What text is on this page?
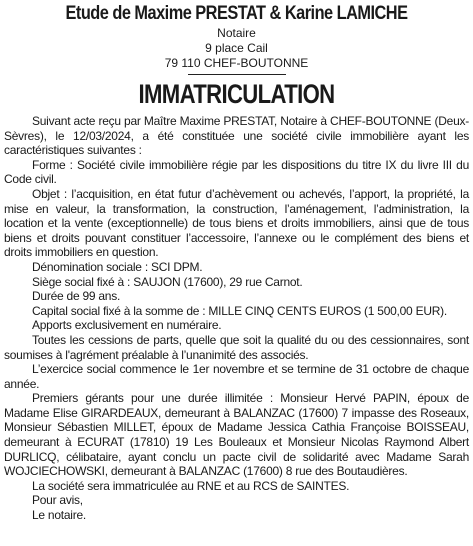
Etude de Maxime PRESTAT & Karine LAMICHE

Notaire

9 place Cail

79 110 CHEF-BOUTONNE

IMMATRICULATION

Suivant acte reçu par Maître Maxime PRESTAT, Notaire à CHEF-BOUTONNE (Deux-Sèvres), le 12/03/2024, a été constituée une société civile immobilière ayant les caractéristiques suivantes :

Forme : Société civile immobilière régie par les dispositions du titre IX du livre III du Code civil.

Objet : l’acquisition, en état futur d’achèvement ou achevés, l’apport, la propriété, la mise en valeur, la transformation, la construction, l’aménagement, l’administration, la location et la vente (exceptionnelle) de tous biens et droits immobiliers, ainsi que de tous biens et droits pouvant constituer l’accessoire, l’annexe ou le complément des biens et droits immobiliers en question.

Dénomination sociale : SCI DPM.

Siège social fixé à : SAUJON (17600), 29 rue Carnot.

Durée de 99 ans.

Capital social fixé à la somme de : MILLE CINQ CENTS EUROS (1 500,00 EUR).

Apports exclusivement en numéraire.

Toutes les cessions de parts, quelle que soit la qualité du ou des cessionnaires, sont soumises à l'agrément préalable à l’unanimité des associés.

L’exercice social commence le 1er novembre et se termine de 31 octobre de chaque année.

Premiers gérants pour une durée illimitée : Monsieur Hervé PAPIN, époux de Madame Elise GIRARDEAUX, demeurant à BALANZAC (17600) 7 impasse des Roseaux, Monsieur Sébastien MILLET, époux de Madame Jessica Cathia Françoise BOISSEAU, demeurant à ECURAT (17810) 19 Les Bouleaux et Monsieur Nicolas Raymond Albert DURLICQ, célibataire, ayant conclu un pacte civil de solidarité avec Madame Sarah WOJCIECHOWSKI, demeurant à BALANZAC (17600) 8 rue des Boutaudières.

La société sera immatriculée au RNE et au RCS de SAINTES.

Pour avis,

Le notaire.
